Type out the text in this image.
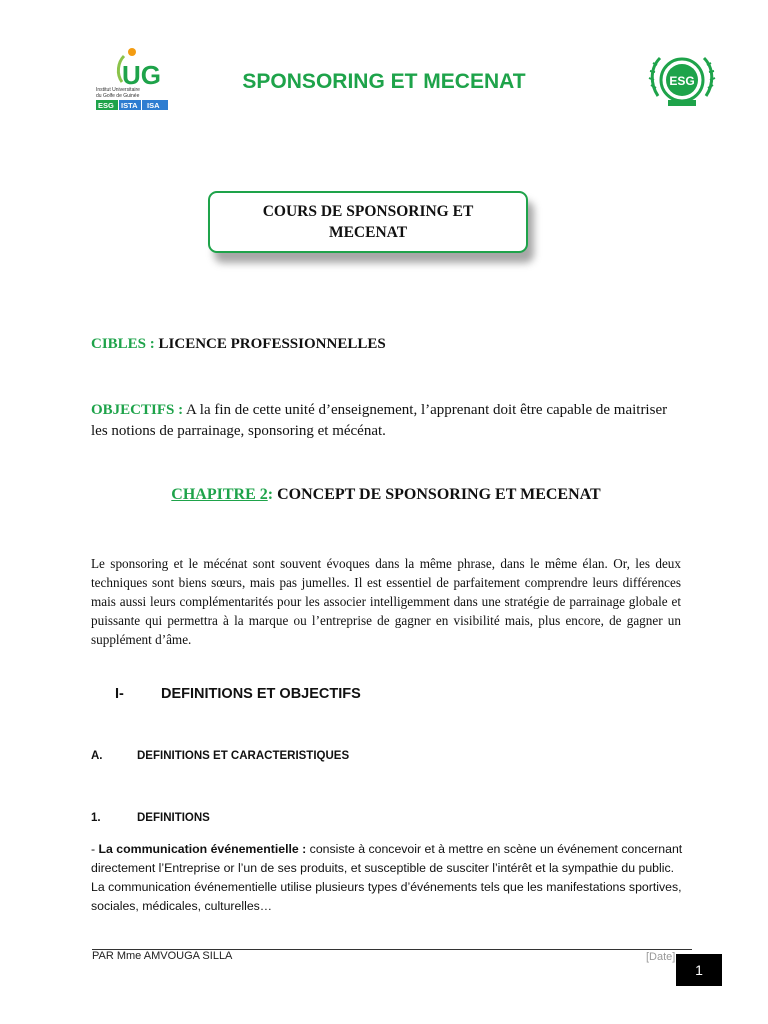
UG
Institut Universitaire
du Golfe de Guinée
ESG ISTA ISA
SPONSORING ET MECENAT	ESG
COURS DE SPONSORING ET MECENAT
CIBLES : LICENCE PROFESSIONNELLES
OBJECTIFS : A la fin de cette unité d’enseignement, l’apprenant doit être capable de maitriser les notions de parrainage, sponsoring et mécénat.
CHAPITRE 2: CONCEPT DE SPONSORING ET MECENAT
Le sponsoring et le mécénat sont souvent évoques dans la même phrase, dans le même élan. Or, les deux techniques sont biens sœurs, mais pas jumelles. Il est essentiel de parfaitement comprendre leurs différences mais aussi leurs complémentarités pour les associer intelligemment dans une stratégie de parrainage globale et puissante qui permettra à la marque ou l’entreprise de gagner en visibilité mais, plus encore, de gagner un supplément d’âme.
I-	DEFINITIONS ET OBJECTIFS
A.	DEFINITIONS ET CARACTERISTIQUES
1.	DEFINITIONS
- La communication événementielle : consiste à concevoir et à mettre en scène un événement concernant directement l’Entreprise or l’un de ses produits, et susceptible de susciter l’intérêt et la sympathie du public. La communication événementielle utilise plusieurs types d’événements tels que les manifestations sportives, sociales, médicales, culturelles…
PAR Mme AMVOUGA SILLA	[Date]
1
